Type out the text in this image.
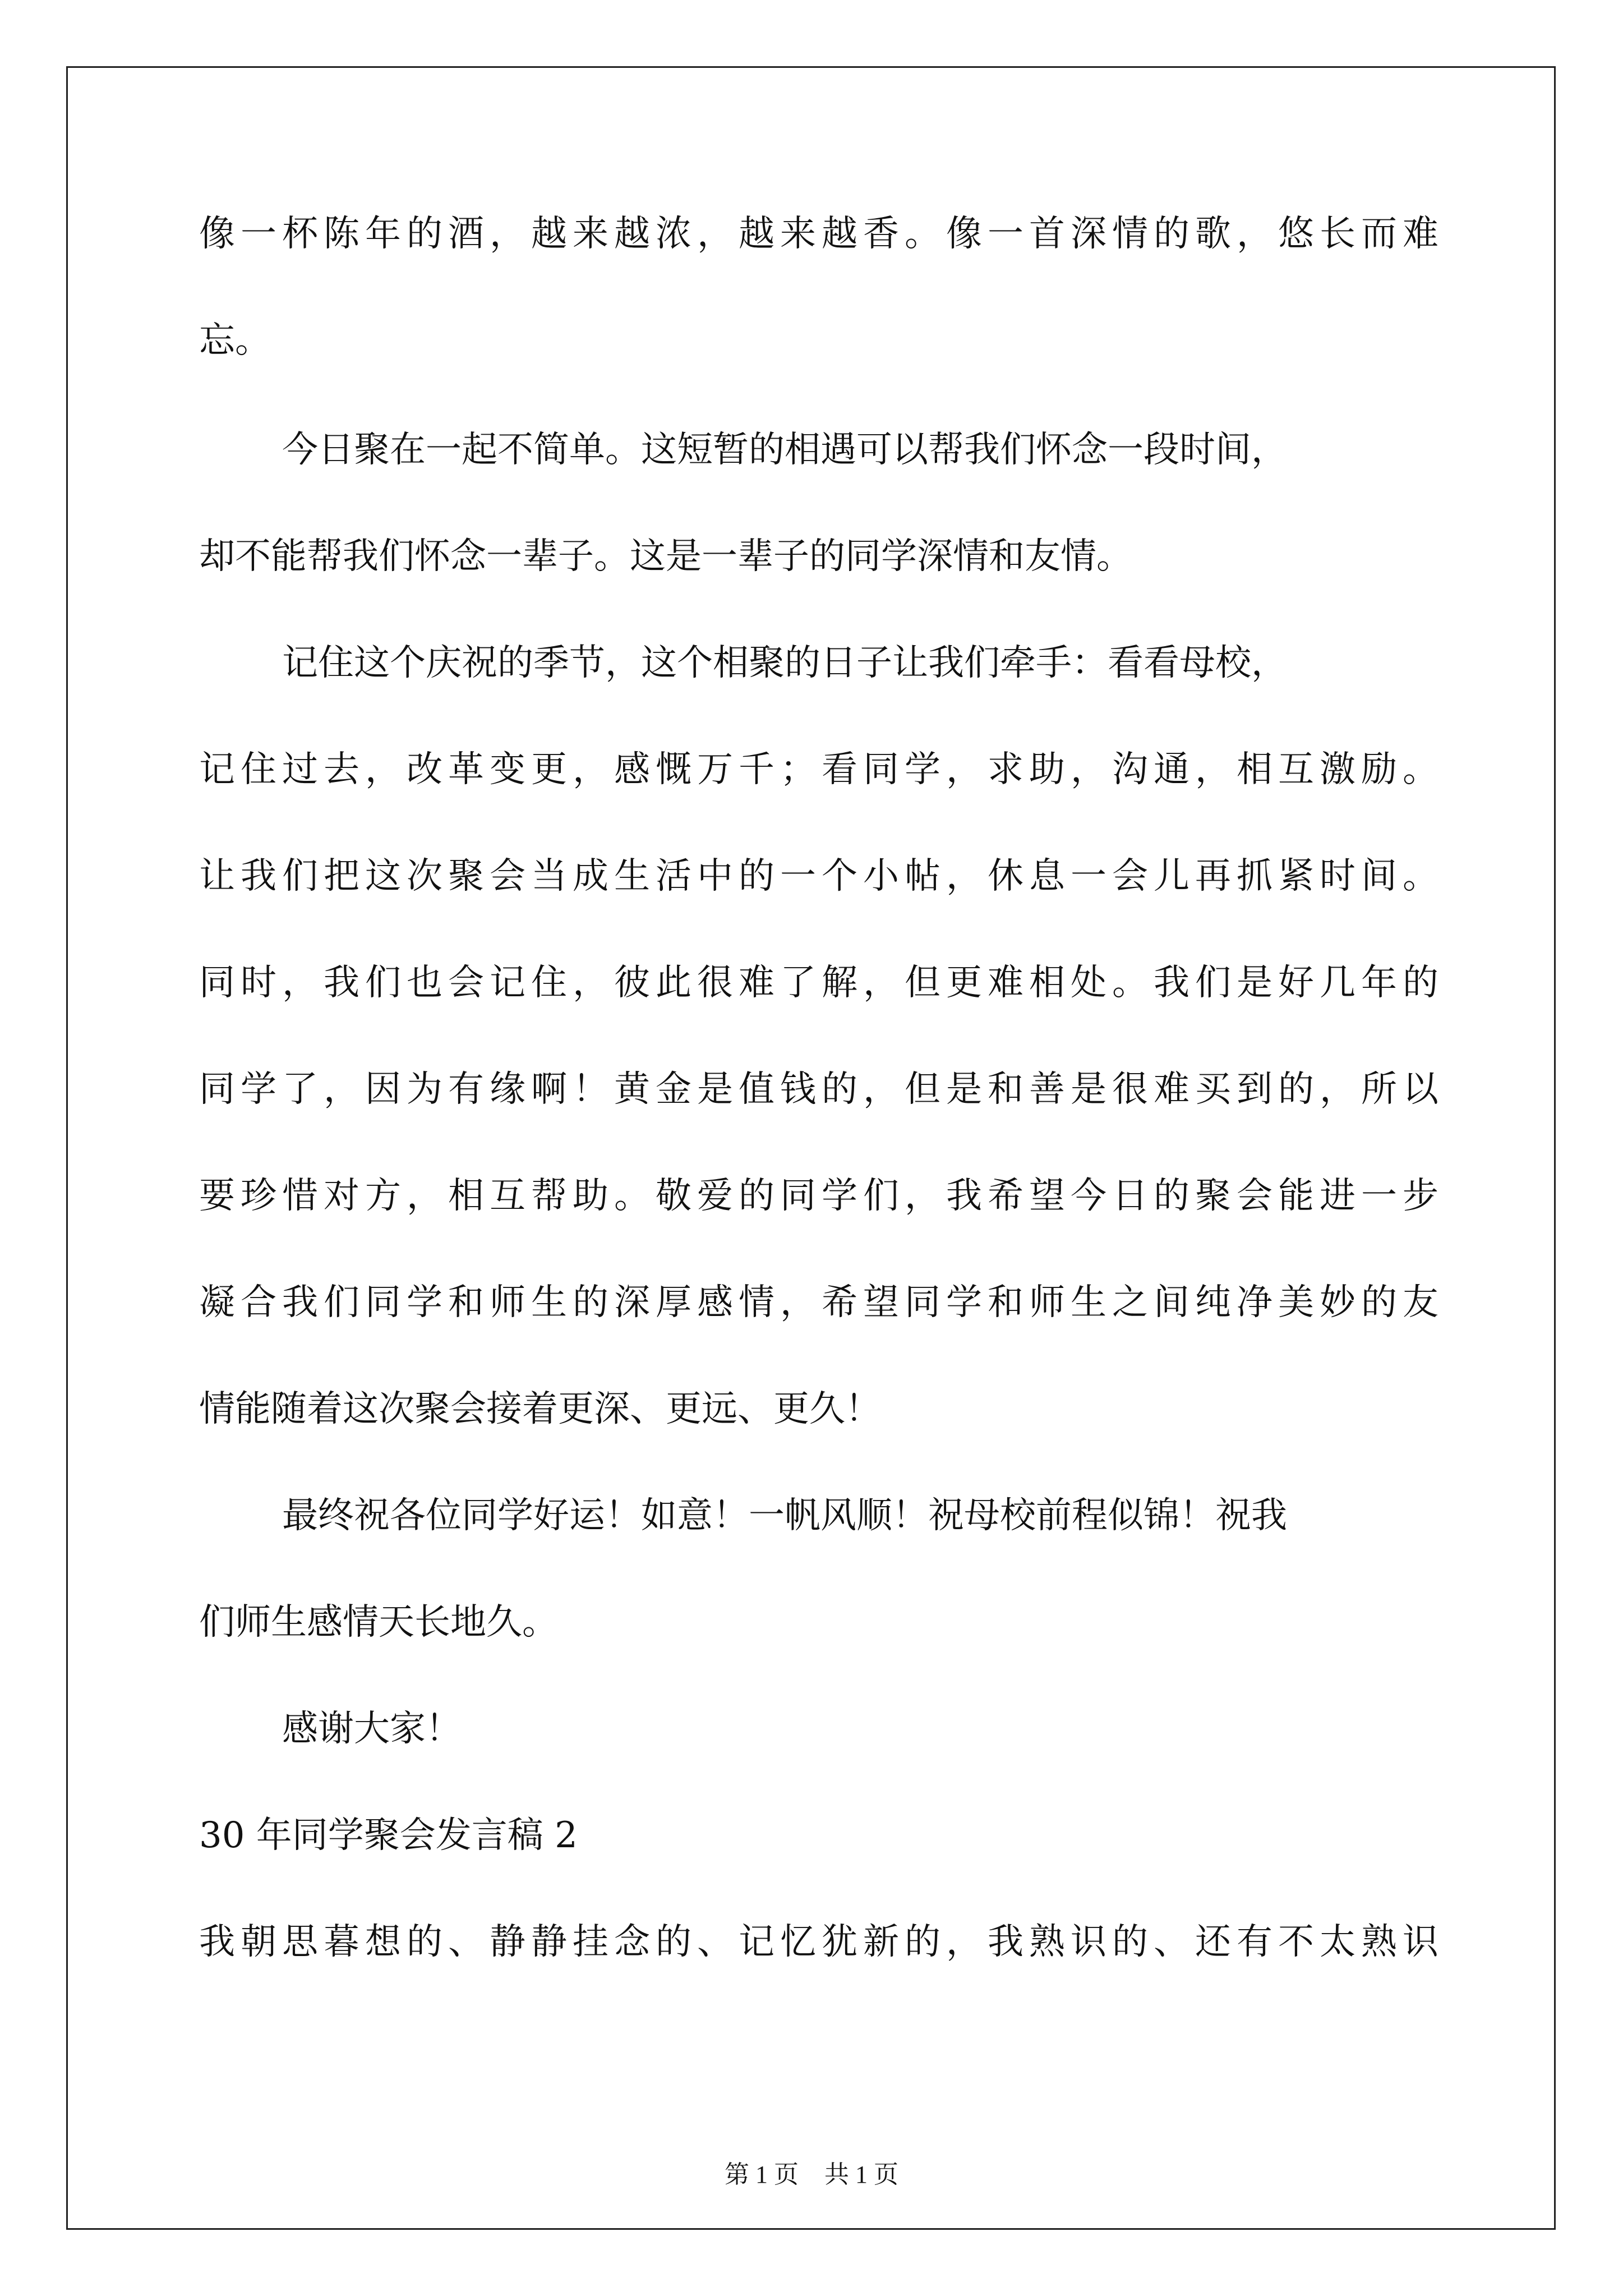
像一杯陈年的酒，越来越浓，越来越香。像一首深情的歌，悠长而难
忘。
今日聚在一起不简单。这短暂的相遇可以帮我们怀念一段时间，
却不能帮我们怀念一辈子。这是一辈子的同学深情和友情。
记住这个庆祝的季节，这个相聚的日子让我们牵手：看看母校，
记住过去，改革变更，感慨万千；看同学，求助，沟通，相互激励。
让我们把这次聚会当成生活中的一个小帖，休息一会儿再抓紧时间。
同时，我们也会记住，彼此很难了解，但更难相处。我们是好几年的
同学了，因为有缘啊！黄金是值钱的，但是和善是很难买到的，所以
要珍惜对方，相互帮助。敬爱的同学们，我希望今日的聚会能进一步
凝合我们同学和师生的深厚感情，希望同学和师生之间纯净美妙的友
情能随着这次聚会接着更深、更远、更久！
最终祝各位同学好运！如意！一帆风顺！祝母校前程似锦！祝我
们师生感情天长地久。
感谢大家！
30 年同学聚会发言稿 2
我朝思暮想的、静静挂念的、记忆犹新的，我熟识的、还有不太熟识
第 1 页 共 1 页
